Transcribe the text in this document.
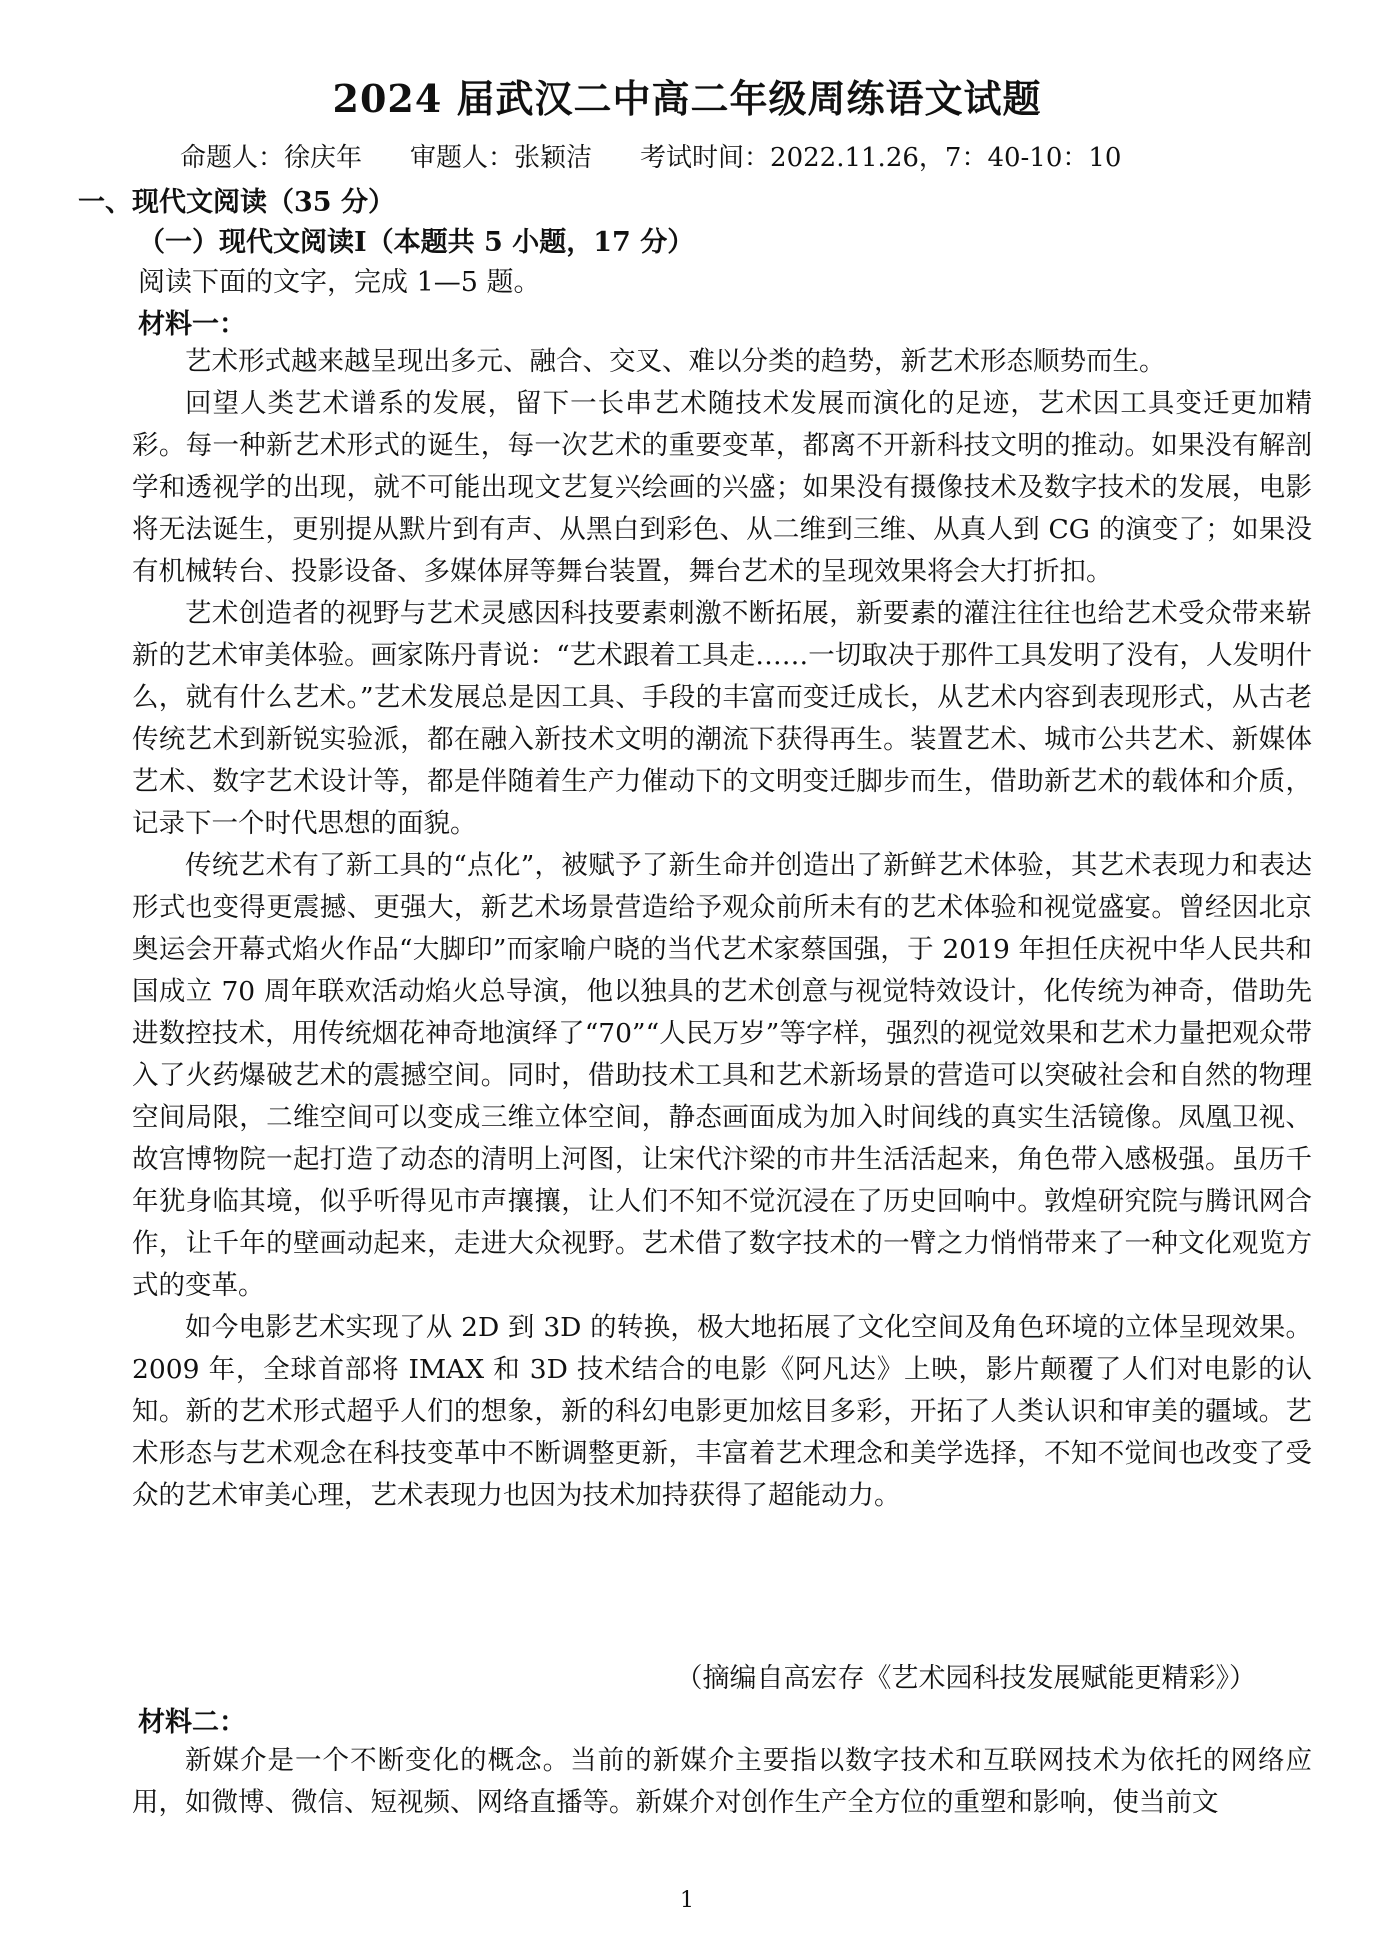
2024 届武汉二中高二年级周练语文试题
命题人：徐庆年 审题人：张颖洁 考试时间：2022.11.26，7：40-10：10
一、现代文阅读（35 分）
（一）现代文阅读Ⅰ（本题共 5 小题，17 分）
阅读下面的文字，完成 1—5 题。
材料一：

艺术形式越来越呈现出多元、融合、交叉、难以分类的趋势，新艺术形态顺势而生。

回望人类艺术谱系的发展，留下一长串艺术随技术发展而演化的足迹，艺术因工具变迁更加精彩。每一种新艺术形式的诞生，每一次艺术的重要变革，都离不开新科技文明的推动。如果没有解剖学和透视学的出现，就不可能出现文艺复兴绘画的兴盛；如果没有摄像技术及数字技术的发展，电影将无法诞生，更别提从默片到有声、从黑白到彩色、从二维到三维、从真人到 CG 的演变了；如果没有机械转台、投影设备、多媒体屏等舞台装置，舞台艺术的呈现效果将会大打折扣。

艺术创造者的视野与艺术灵感因科技要素刺激不断拓展，新要素的灌注往往也给艺术受众带来崭新的艺术审美体验。画家陈丹青说：“艺术跟着工具走……一切取决于那件工具发明了没有，人发明什么，就有什么艺术。”艺术发展总是因工具、手段的丰富而变迁成长，从艺术内容到表现形式，从古老传统艺术到新锐实验派，都在融入新技术文明的潮流下获得再生。装置艺术、城市公共艺术、新媒体艺术、数字艺术设计等，都是伴随着生产力催动下的文明变迁脚步而生，借助新艺术的载体和介质，记录下一个时代思想的面貌。

传统艺术有了新工具的“点化”，被赋予了新生命并创造出了新鲜艺术体验，其艺术表现力和表达形式也变得更震撼、更强大，新艺术场景营造给予观众前所未有的艺术体验和视觉盛宴。曾经因北京奥运会开幕式焰火作品“大脚印”而家喻户晓的当代艺术家蔡国强，于 2019 年担任庆祝中华人民共和国成立 70 周年联欢活动焰火总导演，他以独具的艺术创意与视觉特效设计，化传统为神奇，借助先进数控技术，用传统烟花神奇地演绎了“70”“人民万岁”等字样，强烈的视觉效果和艺术力量把观众带入了火药爆破艺术的震撼空间。同时，借助技术工具和艺术新场景的营造可以突破社会和自然的物理空间局限，二维空间可以变成三维立体空间，静态画面成为加入时间线的真实生活镜像。凤凰卫视、故宫博物院一起打造了动态的清明上河图，让宋代汴梁的市井生活活起来，角色带入感极强。虽历千年犹身临其境，似乎听得见市声攘攘，让人们不知不觉沉浸在了历史回响中。敦煌研究院与腾讯网合作，让千年的壁画动起来，走进大众视野。艺术借了数字技术的一臂之力悄悄带来了一种文化观览方式的变革。

如今电影艺术实现了从 2D 到 3D 的转换，极大地拓展了文化空间及角色环境的立体呈现效果。2009 年，全球首部将 IMAX 和 3D 技术结合的电影《阿凡达》上映，影片颠覆了人们对电影的认知。新的艺术形式超乎人们的想象，新的科幻电影更加炫目多彩，开拓了人类认识和审美的疆域。艺术形态与艺术观念在科技变革中不断调整更新，丰富着艺术理念和美学选择，不知不觉间也改变了受众的艺术审美心理，艺术表现力也因为技术加持获得了超能动力。

（摘编自高宏存《艺术园科技发展赋能更精彩》）
材料二：

新媒介是一个不断变化的概念。当前的新媒介主要指以数字技术和互联网技术为依托的网络应用，如微博、微信、短视频、网络直播等。新媒介对创作生产全方位的重塑和影响，使当前文

1
